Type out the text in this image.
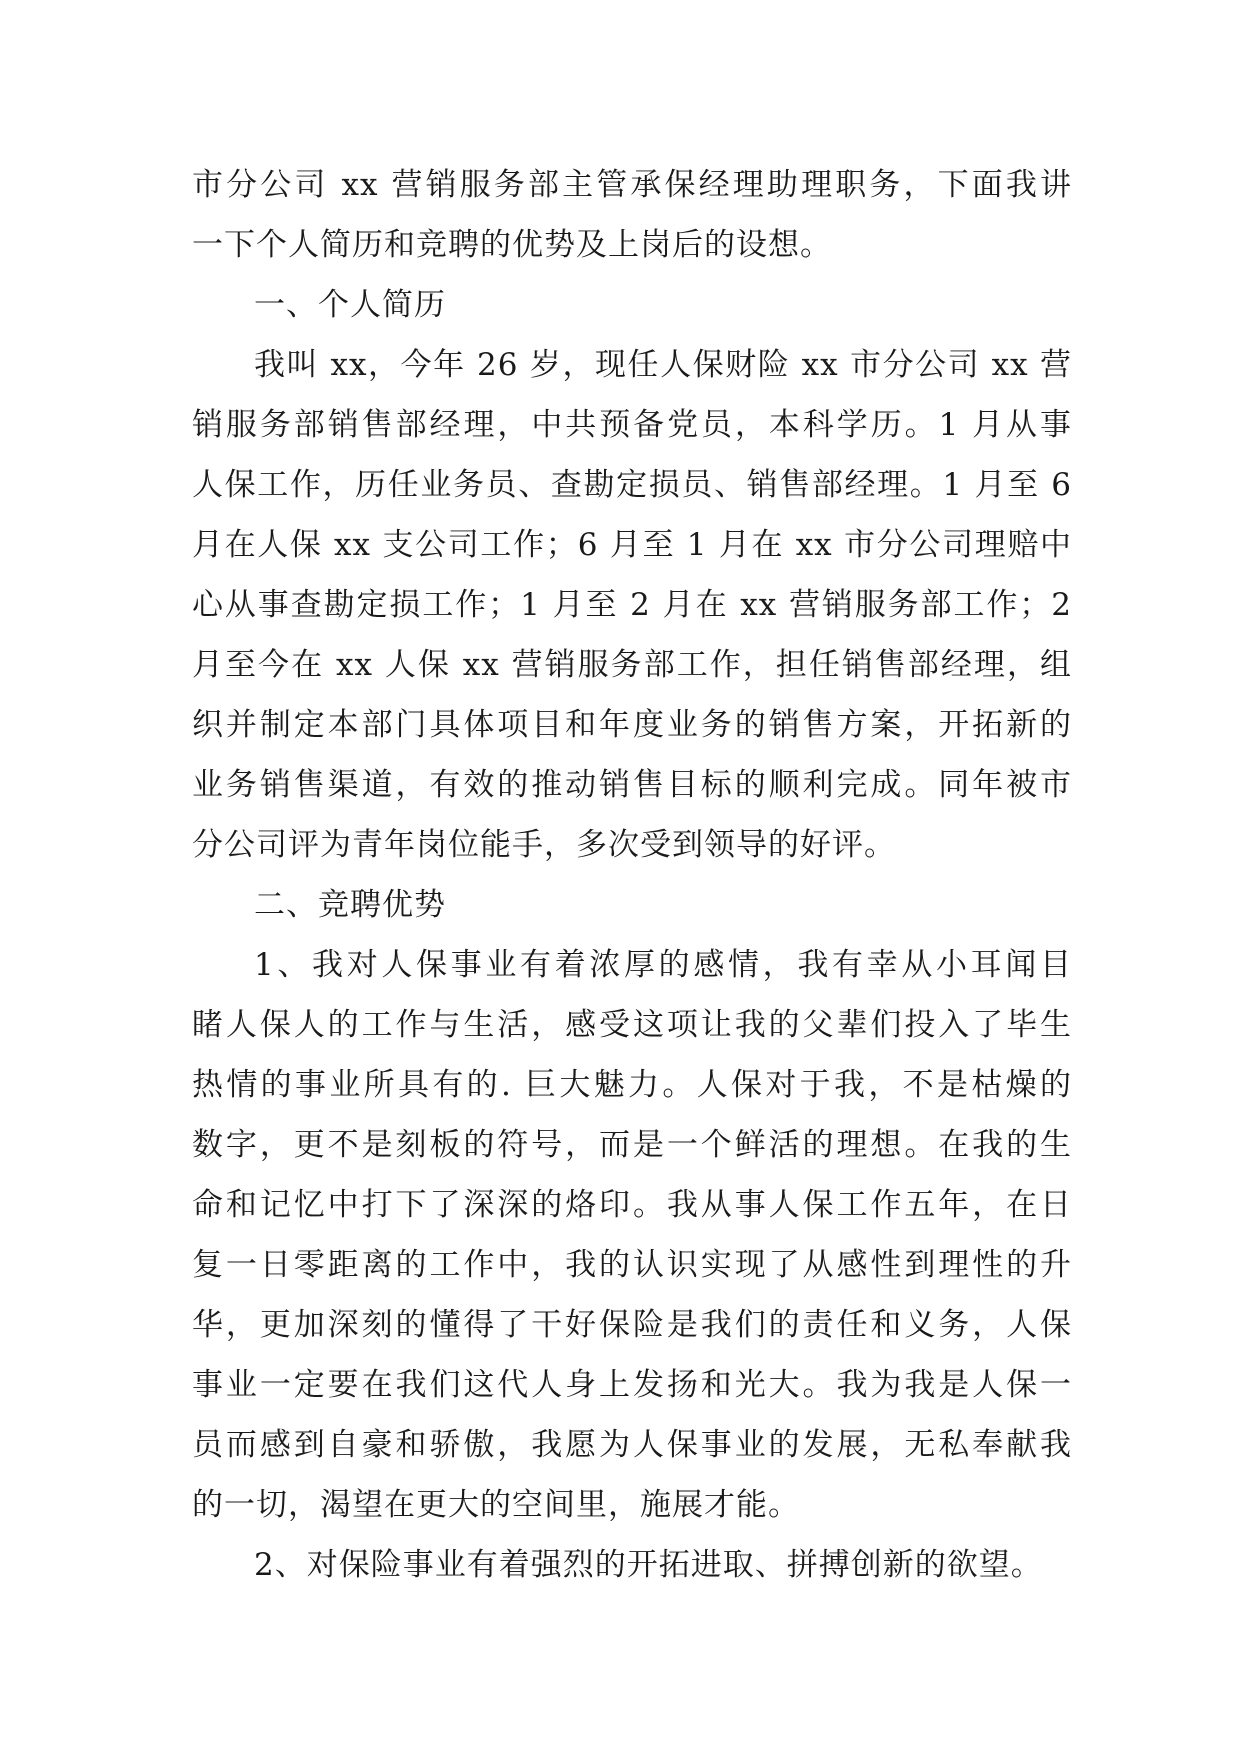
市分公司 xx 营销服务部主管承保经理助理职务，下面我讲
一下个人简历和竞聘的优势及上岗后的设想。
一、个人简历
我叫 xx，今年 26 岁，现任人保财险 xx 市分公司 xx 营
销服务部销售部经理，中共预备党员，本科学历。1 月从事
人保工作，历任业务员、查勘定损员、销售部经理。1 月至 6
月在人保 xx 支公司工作；6 月至 1 月在 xx 市分公司理赔中
心从事查勘定损工作；1 月至 2 月在 xx 营销服务部工作；2
月至今在 xx 人保 xx 营销服务部工作，担任销售部经理，组
织并制定本部门具体项目和年度业务的销售方案，开拓新的
业务销售渠道，有效的推动销售目标的顺利完成。同年被市
分公司评为青年岗位能手，多次受到领导的好评。
二、竞聘优势
1、我对人保事业有着浓厚的感情，我有幸从小耳闻目
睹人保人的工作与生活，感受这项让我的父辈们投入了毕生
热情的事业所具有的. 巨大魅力。人保对于我，不是枯燥的
数字，更不是刻板的符号，而是一个鲜活的理想。在我的生
命和记忆中打下了深深的烙印。我从事人保工作五年，在日
复一日零距离的工作中，我的认识实现了从感性到理性的升
华，更加深刻的懂得了干好保险是我们的责任和义务，人保
事业一定要在我们这代人身上发扬和光大。我为我是人保一
员而感到自豪和骄傲，我愿为人保事业的发展，无私奉献我
的一切，渴望在更大的空间里，施展才能。
2、对保险事业有着强烈的开拓进取、拼搏创新的欲望。
